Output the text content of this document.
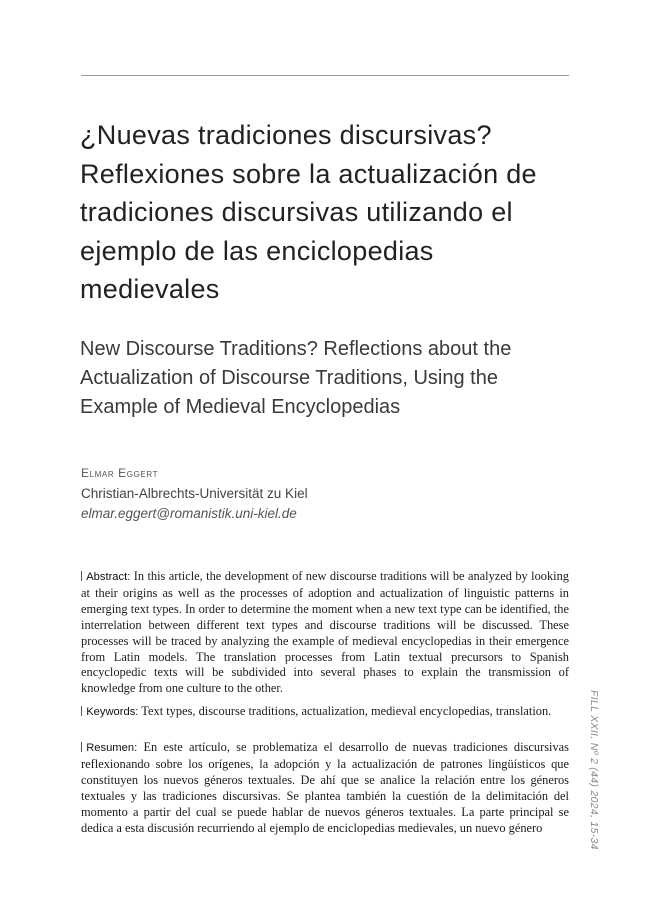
¿Nuevas tradiciones discursivas? Reflexiones sobre la actualización de tradiciones discursivas utilizando el ejemplo de las enciclopedias medievales
New Discourse Traditions? Reflections about the Actualization of Discourse Traditions, Using the Example of Medieval Encyclopedias
Elmar Eggert
Christian-Albrechts-Universität zu Kiel
elmar.eggert@romanistik.uni-kiel.de
Abstract: In this article, the development of new discourse traditions will be analyzed by looking at their origins as well as the processes of adoption and actualization of linguistic patterns in emerging text types. In order to determine the moment when a new text type can be identified, the interrelation between different text types and discourse traditions will be discussed. These processes will be traced by analyzing the example of medieval encyclopedias in their emergence from Latin models. The translation processes from Latin textual precursors to Spanish encyclopedic texts will be subdivided into several phases to explain the transmission of knowledge from one culture to the other.
Keywords: Text types, discourse traditions, actualization, medieval encyclopedias, translation.
Resumen: En este artículo, se problematiza el desarrollo de nuevas tradiciones discursivas reflexionando sobre los orígenes, la adopción y la actualización de patrones lingüísticos que constituyen los nuevos géneros textuales. De ahí que se analice la relación entre los géneros textuales y las tradiciones discursivas. Se plantea también la cuestión de la delimitación del momento a partir del cual se puede hablar de nuevos géneros textuales. La parte principal se dedica a esta discusión recurriendo al ejemplo de enciclopedias medievales, un nuevo género	FILL XXII, Nº 2 (44) 2024, 15-34
